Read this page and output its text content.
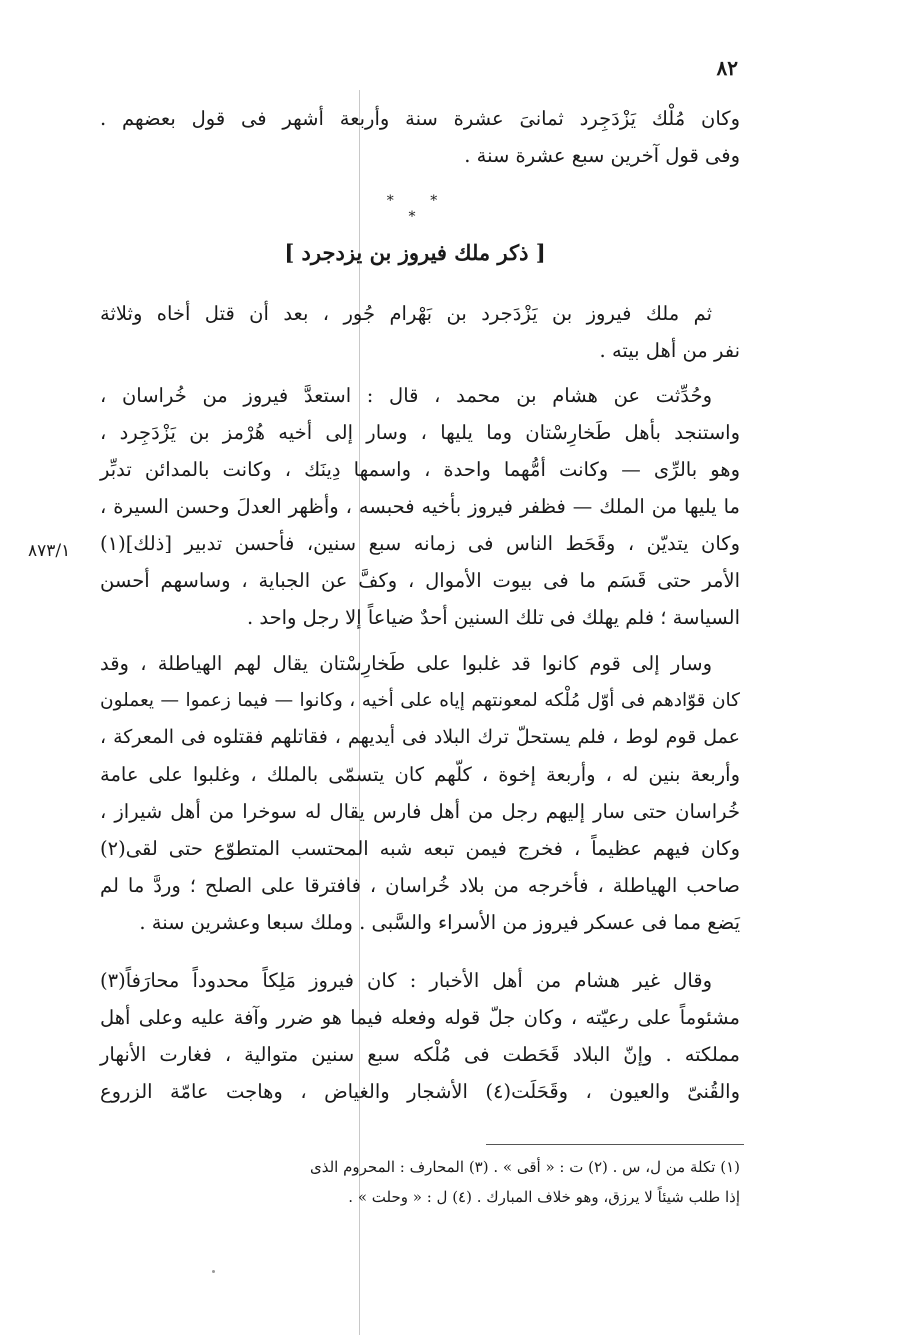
٨٢
وكان مُلْك يَزْدَجِرد ثمانىَ عشرة سنة وأربعة أشهر فى قول بعضهم .
وفى قول آخرين سبع عشرة سنة .
* * *
[ ذكر ملك فيروز بن يزدجرد ]
٨٧٣/١
ثم ملك فيروز بن يَزْدَجرد بن بَهْرام جُور ، بعد أن قتل أخاه وثلاثة
نفر من أهل بيته .
وحُدِّثت عن هشام بن محمد ، قال : استعدَّ فيروز من خُراسان ،
واستنجد بأهل طَخارِسْتان وما يليها ، وسار إلى أخيه هُرْمز بن يَزْدَجِرد ،
وهو بالرِّى — وكانت أمُّهما واحدة ، واسمها دِينَك ، وكانت بالمدائن تدبِّر
ما يليها من الملك — فظفر فيروز بأخيه فحبسه ، وأظهر العدلَ وحسن السيرة ،
وكان يتديّن ، وقَحَط الناس فى زمانه سبع سنين، فأحسن تدبير [ذلك](١)
الأمر حتى قَسَم ما فى بيوت الأموال ، وكفَّ عن الجباية ، وساسهم أحسن
السياسة ؛ فلم يهلك فى تلك السنين أحدٌ ضياعاً إلا رجل واحد .
وسار إلى قوم كانوا قد غلبوا على طَخارِسْتان يقال لهم الهياطلة ، وقد
كان قوّادهم فى أوّل مُلْكه لمعونتهم إياه على أخيه ، وكانوا — فيما زعموا — يعملون
عمل قوم لوط ، فلم يستحلّ ترك البلاد فى أيديهم ، فقاتلهم فقتلوه فى المعركة ،
وأربعة بنين له ، وأربعة إخوة ، كلّهم كان يتسمّى بالملك ، وغلبوا على عامة
خُراسان حتى سار إليهم رجل من أهل فارس يقال له سوخرا من أهل شيراز ،
وكان فيهم عظيماً ، فخرج فيمن تبعه شبه المحتسب المتطوّع حتى لقى(٢)
صاحب الهياطلة ، فأخرجه من بلاد خُراسان ، فافترقا على الصلح ؛ وردَّ ما لم
يَضع مما فى عسكر فيروز من الأسراء والسَّبى . وملك سبعا وعشرين سنة .
وقال غير هشام من أهل الأخبار : كان فيروز مَلِكاً محدوداً محارَفاً(٣)
مشئوماً على رعيّته ، وكان جلّ قوله وفعله فيما هو ضرر وآفة عليه وعلى أهل
مملكته . وإنّ البلاد قَحَطت فى مُلْكه سبع سنين متوالية ، فغارت الأنهار
والقُنىّ والعيون ، وقَحَلَت(٤) الأشجار والغياض ، وهاجت عامّة الزروع
(١) تكلة من ل، س . (٢) ت : « أقى » . (٣) المحارف : المحروم الذى
إذا طلب شيئاً لا يرزق، وهو خلاف المبارك . (٤) ل : « وحلت » .
